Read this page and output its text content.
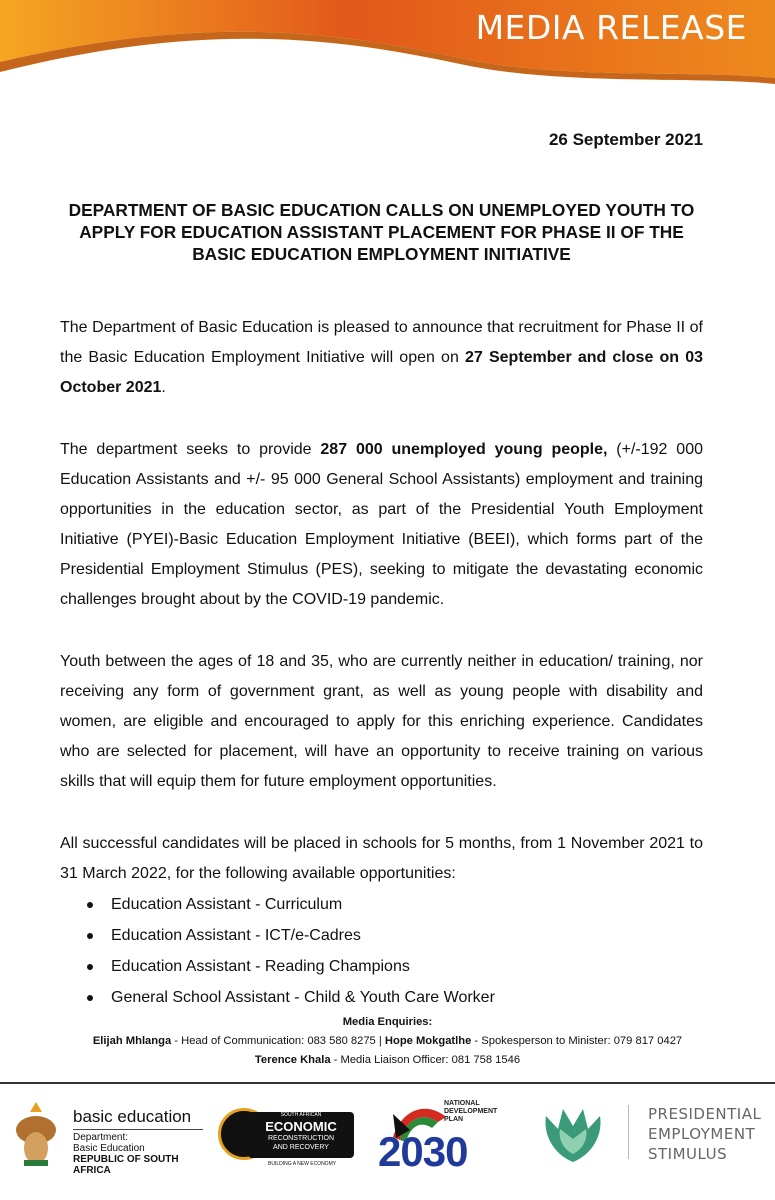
MEDIA RELEASE
26 September 2021
DEPARTMENT OF BASIC EDUCATION CALLS ON UNEMPLOYED YOUTH TO APPLY FOR EDUCATION ASSISTANT PLACEMENT FOR PHASE II OF THE BASIC EDUCATION EMPLOYMENT INITIATIVE
The Department of Basic Education is pleased to announce that recruitment for Phase II of the Basic Education Employment Initiative will open on 27 September and close on 03 October 2021.
The department seeks to provide 287 000 unemployed young people, (+/-192 000 Education Assistants and +/- 95 000 General School Assistants) employment and training opportunities in the education sector, as part of the Presidential Youth Employment Initiative (PYEI)-Basic Education Employment Initiative (BEEI), which forms part of the Presidential Employment Stimulus (PES), seeking to mitigate the devastating economic challenges brought about by the COVID-19 pandemic.
Youth between the ages of 18 and 35, who are currently neither in education/ training, nor receiving any form of government grant, as well as young people with disability and women, are eligible and encouraged to apply for this enriching experience. Candidates who are selected for placement, will have an opportunity to receive training on various skills that will equip them for future employment opportunities.
All successful candidates will be placed in schools for 5 months, from 1 November 2021 to 31 March 2022, for the following available opportunities:
Education Assistant - Curriculum
Education Assistant - ICT/e-Cadres
Education Assistant - Reading Champions
General School Assistant - Child & Youth Care Worker
Media Enquiries:
Elijah Mhlanga - Head of Communication: 083 580 8275 | Hope Mokgatlhe - Spokesperson to Minister: 079 817 0427
Terence Khala - Media Liaison Officer: 081 758 1546
basic education
Department:
Basic Education
REPUBLIC OF SOUTH AFRICA
SOUTH AFRICAN
ECONOMIC
RECONSTRUCTION
AND RECOVERY
BUILDING A NEW ECONOMY
NATIONAL
DEVELOPMENT
PLAN
2030
PRESIDENTIAL
EMPLOYMENT
STIMULUS
